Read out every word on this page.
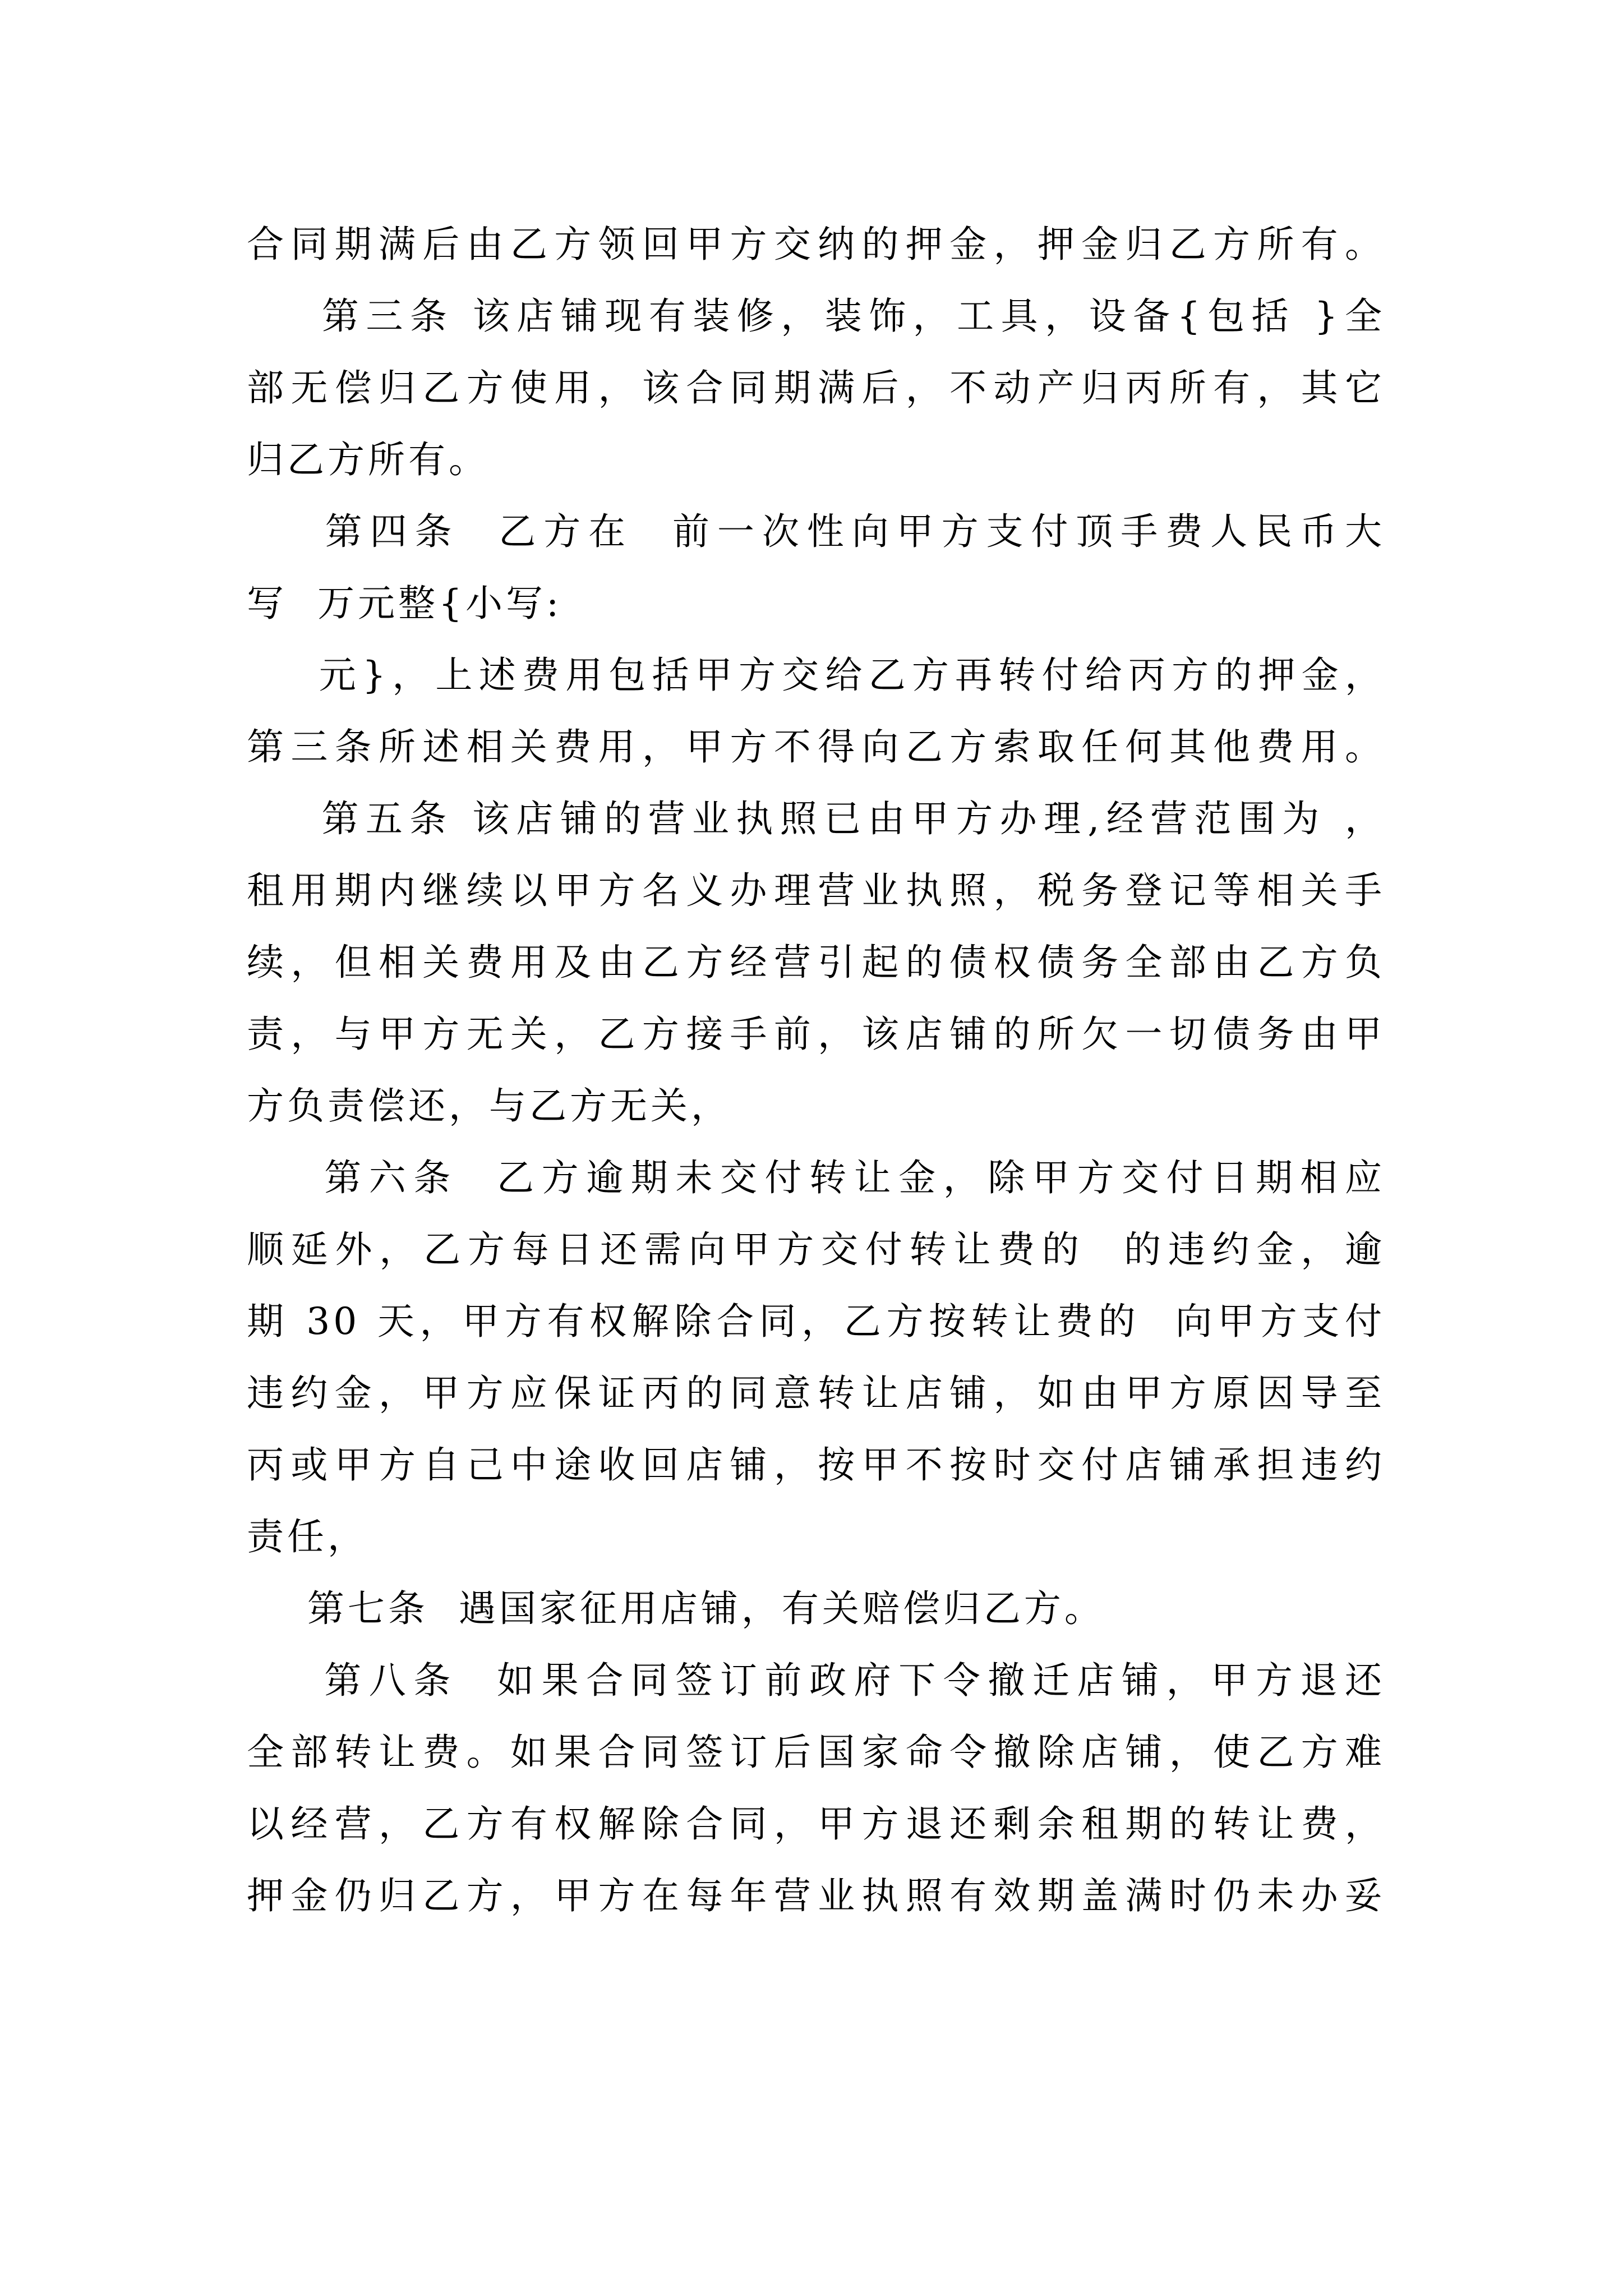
合同期满后由乙方领回甲方交纳的押金，押金归乙方所有。
第三条 该店铺现有装修，装饰，工具，设备{包括 }全
部无偿归乙方使用，该合同期满后，不动产归丙所有，其它
归乙方所有。
第四条  乙方在  前一次性向甲方支付顶手费人民币大
写  万元整{小写:
元}，上述费用包括甲方交给乙方再转付给丙方的押金，
第三条所述相关费用，甲方不得向乙方索取任何其他费用。
第五条 该店铺的营业执照已由甲方办理,经营范围为 ，
租用期内继续以甲方名义办理营业执照，税务登记等相关手
续，但相关费用及由乙方经营引起的债权债务全部由乙方负
责，与甲方无关，乙方接手前，该店铺的所欠一切债务由甲
方负责偿还，与乙方无关，
第六条  乙方逾期未交付转让金，除甲方交付日期相应
顺延外，乙方每日还需向甲方交付转让费的  的违约金，逾
期 30 天，甲方有权解除合同，乙方按转让费的  向甲方支付
违约金，甲方应保证丙的同意转让店铺，如由甲方原因导至
丙或甲方自己中途收回店铺，按甲不按时交付店铺承担违约
责任，
第七条  遇国家征用店铺，有关赔偿归乙方。
第八条  如果合同签订前政府下令撤迁店铺，甲方退还
全部转让费。如果合同签订后国家命令撤除店铺，使乙方难
以经营，乙方有权解除合同，甲方退还剩余租期的转让费，
押金仍归乙方，甲方在每年营业执照有效期盖满时仍未办妥
